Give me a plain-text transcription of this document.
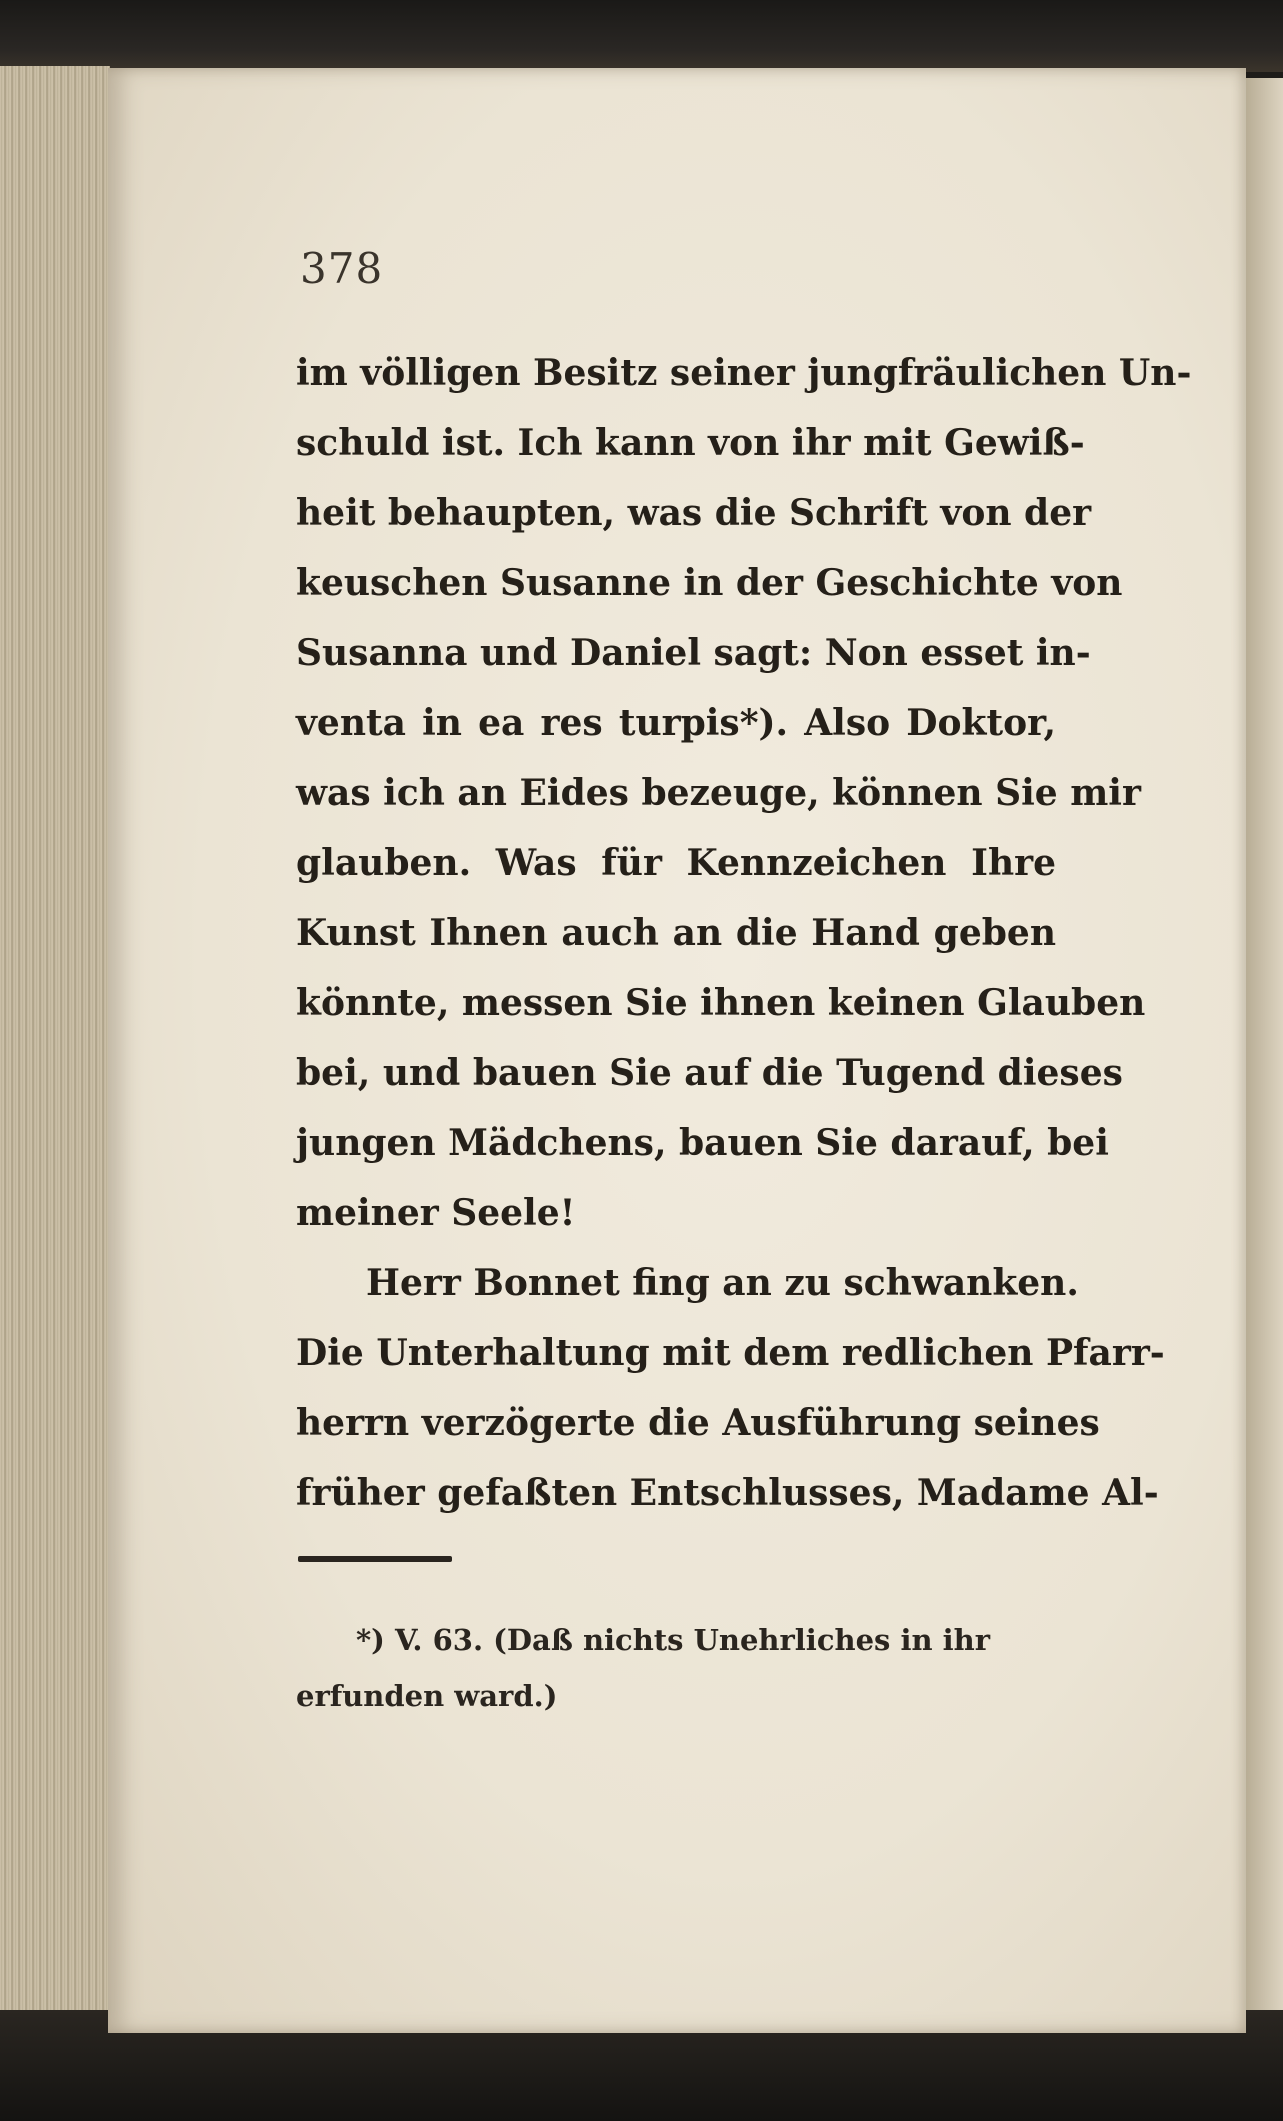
378
im völligen Besitz seiner jungfräulichen Un-
schuld ist. Ich kann von ihr mit Gewiß-
heit behaupten, was die Schrift von der
keuschen Susanne in der Geschichte von
Susanna und Daniel sagt: Non esset in-
venta in ea res turpis*). Also Doktor,
was ich an Eides bezeuge, können Sie mir
glauben. Was für Kennzeichen Ihre
Kunst Ihnen auch an die Hand geben
könnte, messen Sie ihnen keinen Glauben
bei, und bauen Sie auf die Tugend dieses
jungen Mädchens, bauen Sie darauf, bei
meiner Seele!
Herr Bonnet fing an zu schwanken.
Die Unterhaltung mit dem redlichen Pfarr-
herrn verzögerte die Ausführung seines
früher gefaßten Entschlusses, Madame Al-
*) V. 63. (Daß nichts Unehrliches in ihr
erfunden ward.)
